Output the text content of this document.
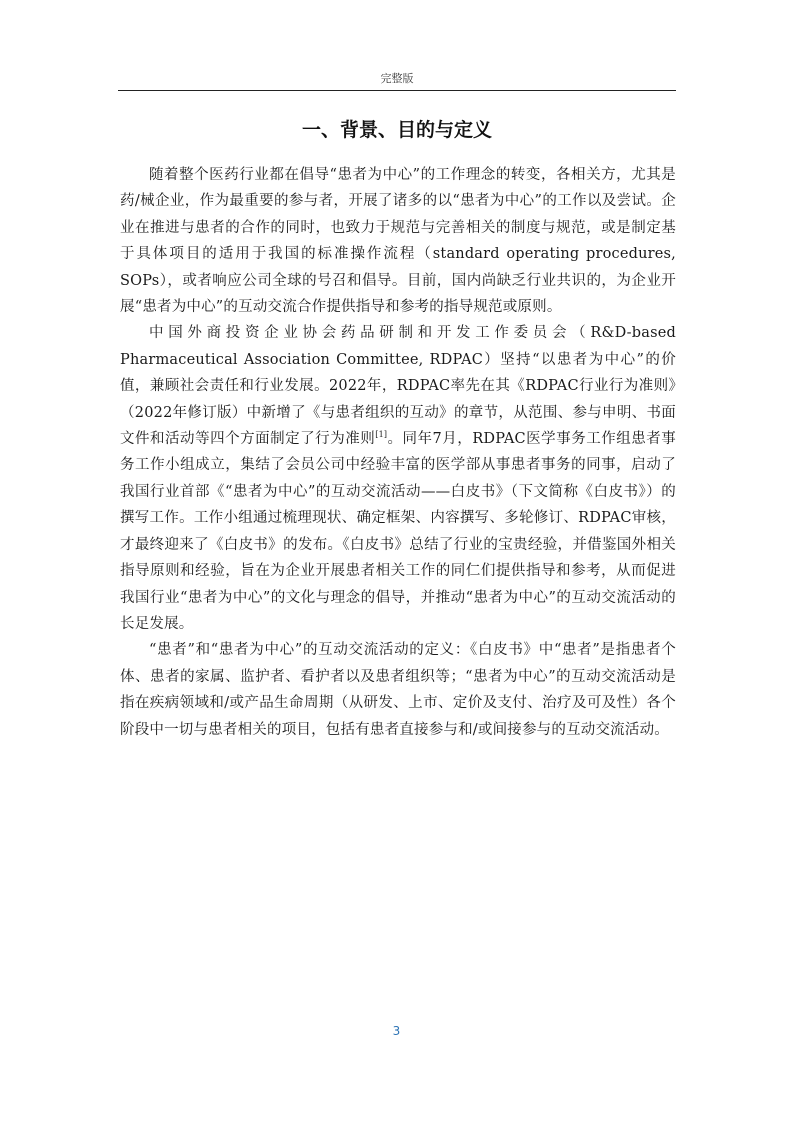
完整版
一、背景、目的与定义

随着整个医药行业都在倡导“患者为中心”的工作理念的转变，各相关方，尤其是药/械企业，作为最重要的参与者，开展了诸多的以“患者为中心”的工作以及尝试。企业在推进与患者的合作的同时，也致力于规范与完善相关的制度与规范，或是制定基于具体项目的适用于我国的标准操作流程（standard operating procedures, SOPs），或者响应公司全球的号召和倡导。目前，国内尚缺乏行业共识的，为企业开展“患者为中心”的互动交流合作提供指导和参考的指导规范或原则。

中国外商投资企业协会药品研制和开发工作委员会（R&D-based Pharmaceutical Association Committee, RDPAC）坚持“以患者为中心”的价值，兼顾社会责任和行业发展。2022年，RDPAC率先在其《RDPAC行业行为准则》（2022年修订版）中新增了《与患者组织的互动》的章节，从范围、参与申明、书面文件和活动等四个方面制定了行为准则[1]。同年7月，RDPAC医学事务工作组患者事务工作小组成立，集结了会员公司中经验丰富的医学部从事患者事务的同事，启动了我国行业首部《“患者为中心”的互动交流活动——白皮书》（下文简称《白皮书》）的撰写工作。工作小组通过梳理现状、确定框架、内容撰写、多轮修订、RDPAC审核，才最终迎来了《白皮书》的发布。《白皮书》总结了行业的宝贵经验，并借鉴国外相关指导原则和经验，旨在为企业开展患者相关工作的同仁们提供指导和参考，从而促进我国行业“患者为中心”的文化与理念的倡导，并推动“患者为中心”的互动交流活动的长足发展。

“患者”和“患者为中心”的互动交流活动的定义：《白皮书》中“患者”是指患者个体、患者的家属、监护者、看护者以及患者组织等；“患者为中心”的互动交流活动是指在疾病领域和/或产品生命周期（从研发、上市、定价及支付、治疗及可及性）各个阶段中一切与患者相关的项目，包括有患者直接参与和/或间接参与的互动交流活动。

3
